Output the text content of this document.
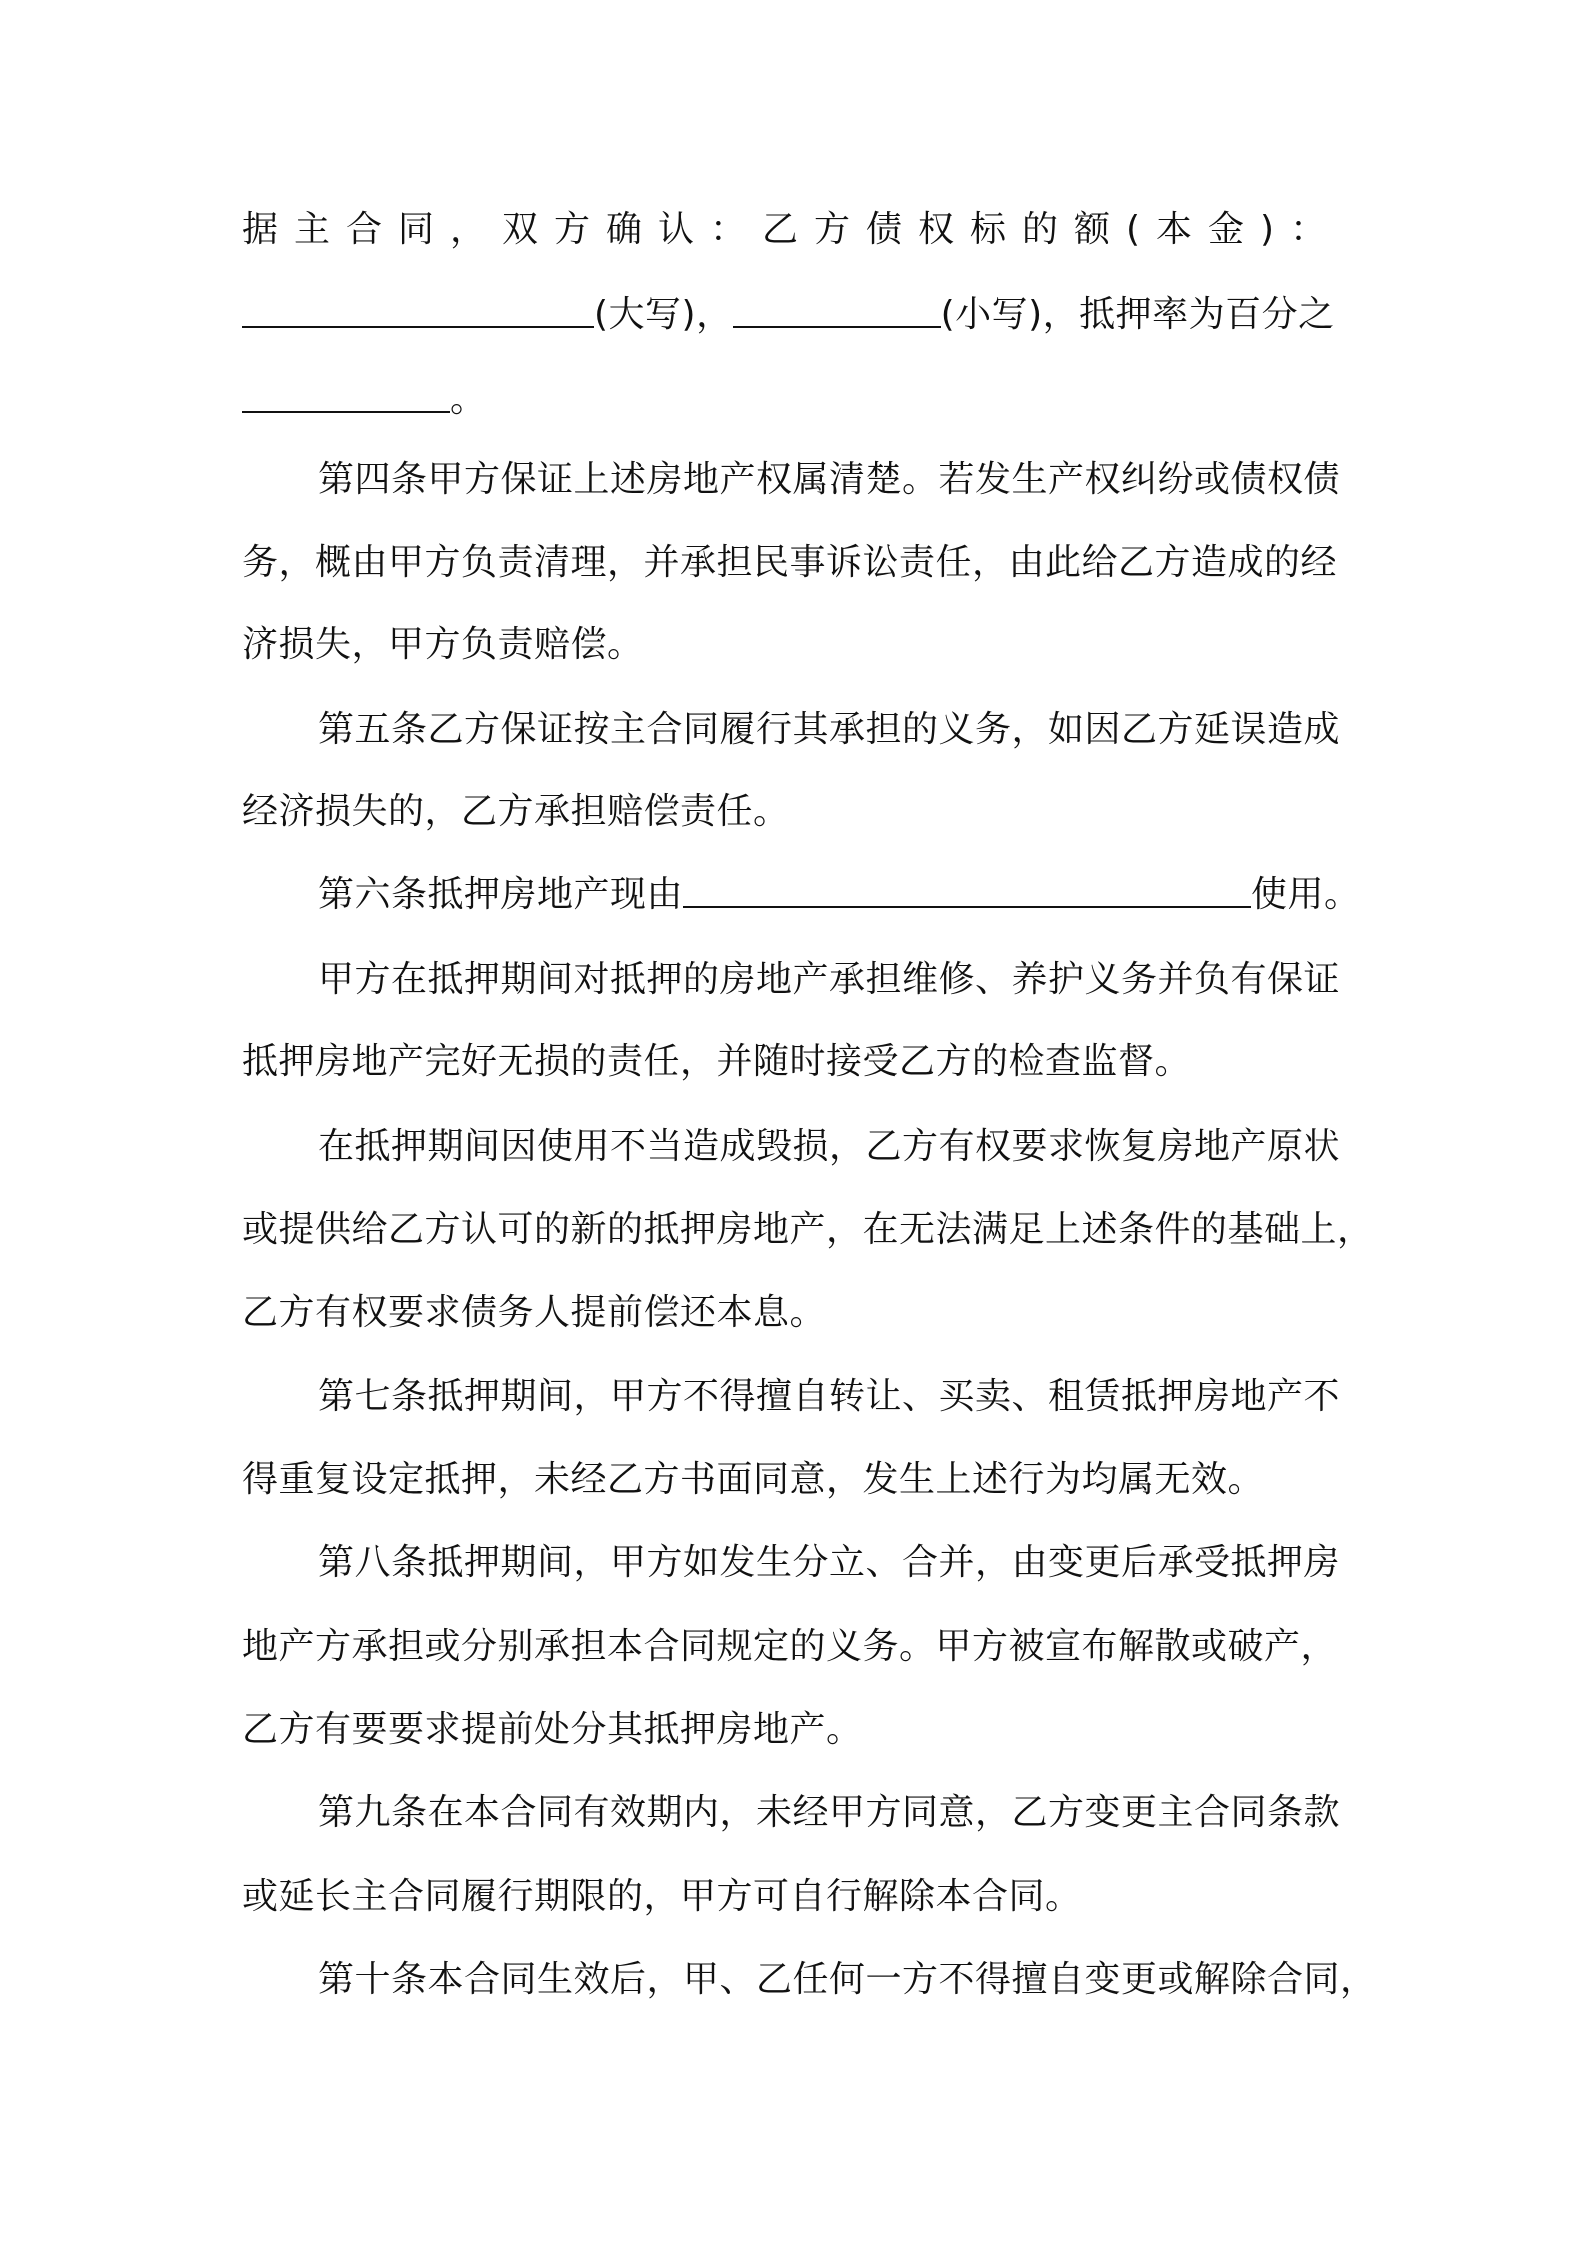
据主合同，双方确认：乙方债权标的额(本金)：
(大写)，	(小写)，抵押率为百分之
。
第四条甲方保证上述房地产权属清楚。若发生产权纠纷或债权债
务，概由甲方负责清理，并承担民事诉讼责任，由此给乙方造成的经
济损失，甲方负责赔偿。
第五条乙方保证按主合同履行其承担的义务，如因乙方延误造成
经济损失的，乙方承担赔偿责任。
第六条抵押房地产现由	使用。
甲方在抵押期间对抵押的房地产承担维修、养护义务并负有保证
抵押房地产完好无损的责任，并随时接受乙方的检查监督。
在抵押期间因使用不当造成毁损，乙方有权要求恢复房地产原状
或提供给乙方认可的新的抵押房地产，在无法满足上述条件的基础上，
乙方有权要求债务人提前偿还本息。
第七条抵押期间，甲方不得擅自转让、买卖、租赁抵押房地产不
得重复设定抵押，未经乙方书面同意，发生上述行为均属无效。
第八条抵押期间，甲方如发生分立、合并，由变更后承受抵押房
地产方承担或分别承担本合同规定的义务。甲方被宣布解散或破产，
乙方有要要求提前处分其抵押房地产。
第九条在本合同有效期内，未经甲方同意，乙方变更主合同条款
或延长主合同履行期限的，甲方可自行解除本合同。
第十条本合同生效后，甲、乙任何一方不得擅自变更或解除合同，
